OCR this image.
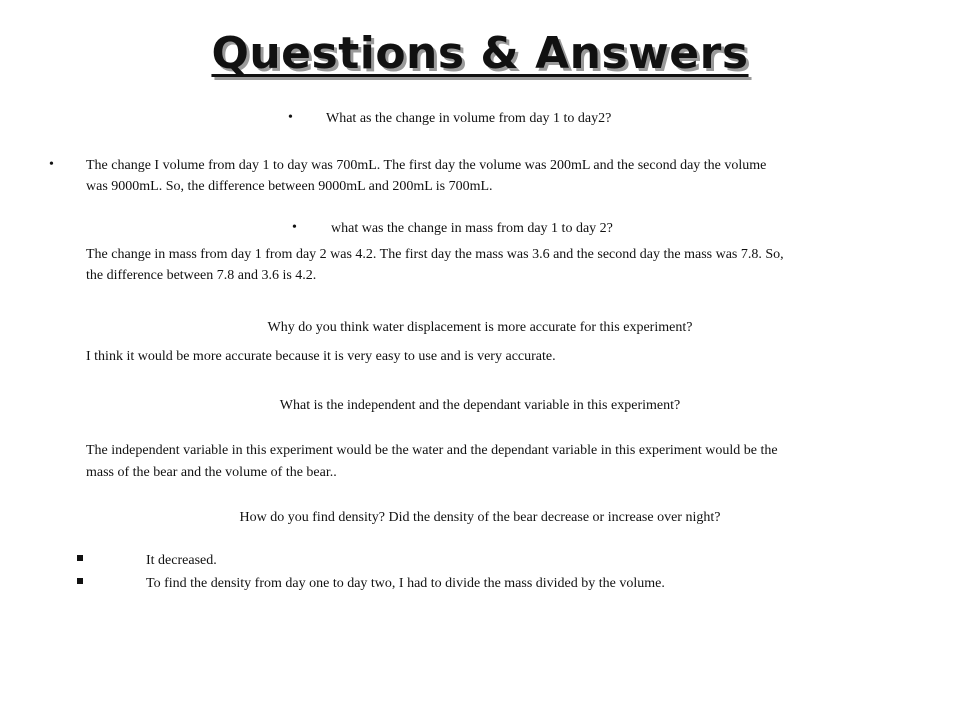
Questions & Answers
• What as the change in volume from day 1 to day2?
• The change I volume from day 1 to day was 700mL. The first day the volume was 200mL and the second day the volume
was 9000mL. So, the difference between 9000mL and 200mL is 700mL.
• what was the change in mass from day 1 to day 2?
The change in mass from day 1 from day 2 was 4.2. The first day the mass was 3.6 and the second day the mass was 7.8. So,
the difference between 7.8 and 3.6 is 4.2.
Why do you think water displacement is more accurate for this experiment?
I think it would be more accurate because it is very easy to use and is very accurate.
What is the independent and the dependant variable in this experiment?
The independent variable in this experiment would be the water and the dependant variable in this experiment would be the
mass of the bear and the volume of the bear..
How do you find density? Did the density of the bear decrease or increase over night?
It decreased.
To find the density from day one to day two, I had to divide the mass divided by the volume.
